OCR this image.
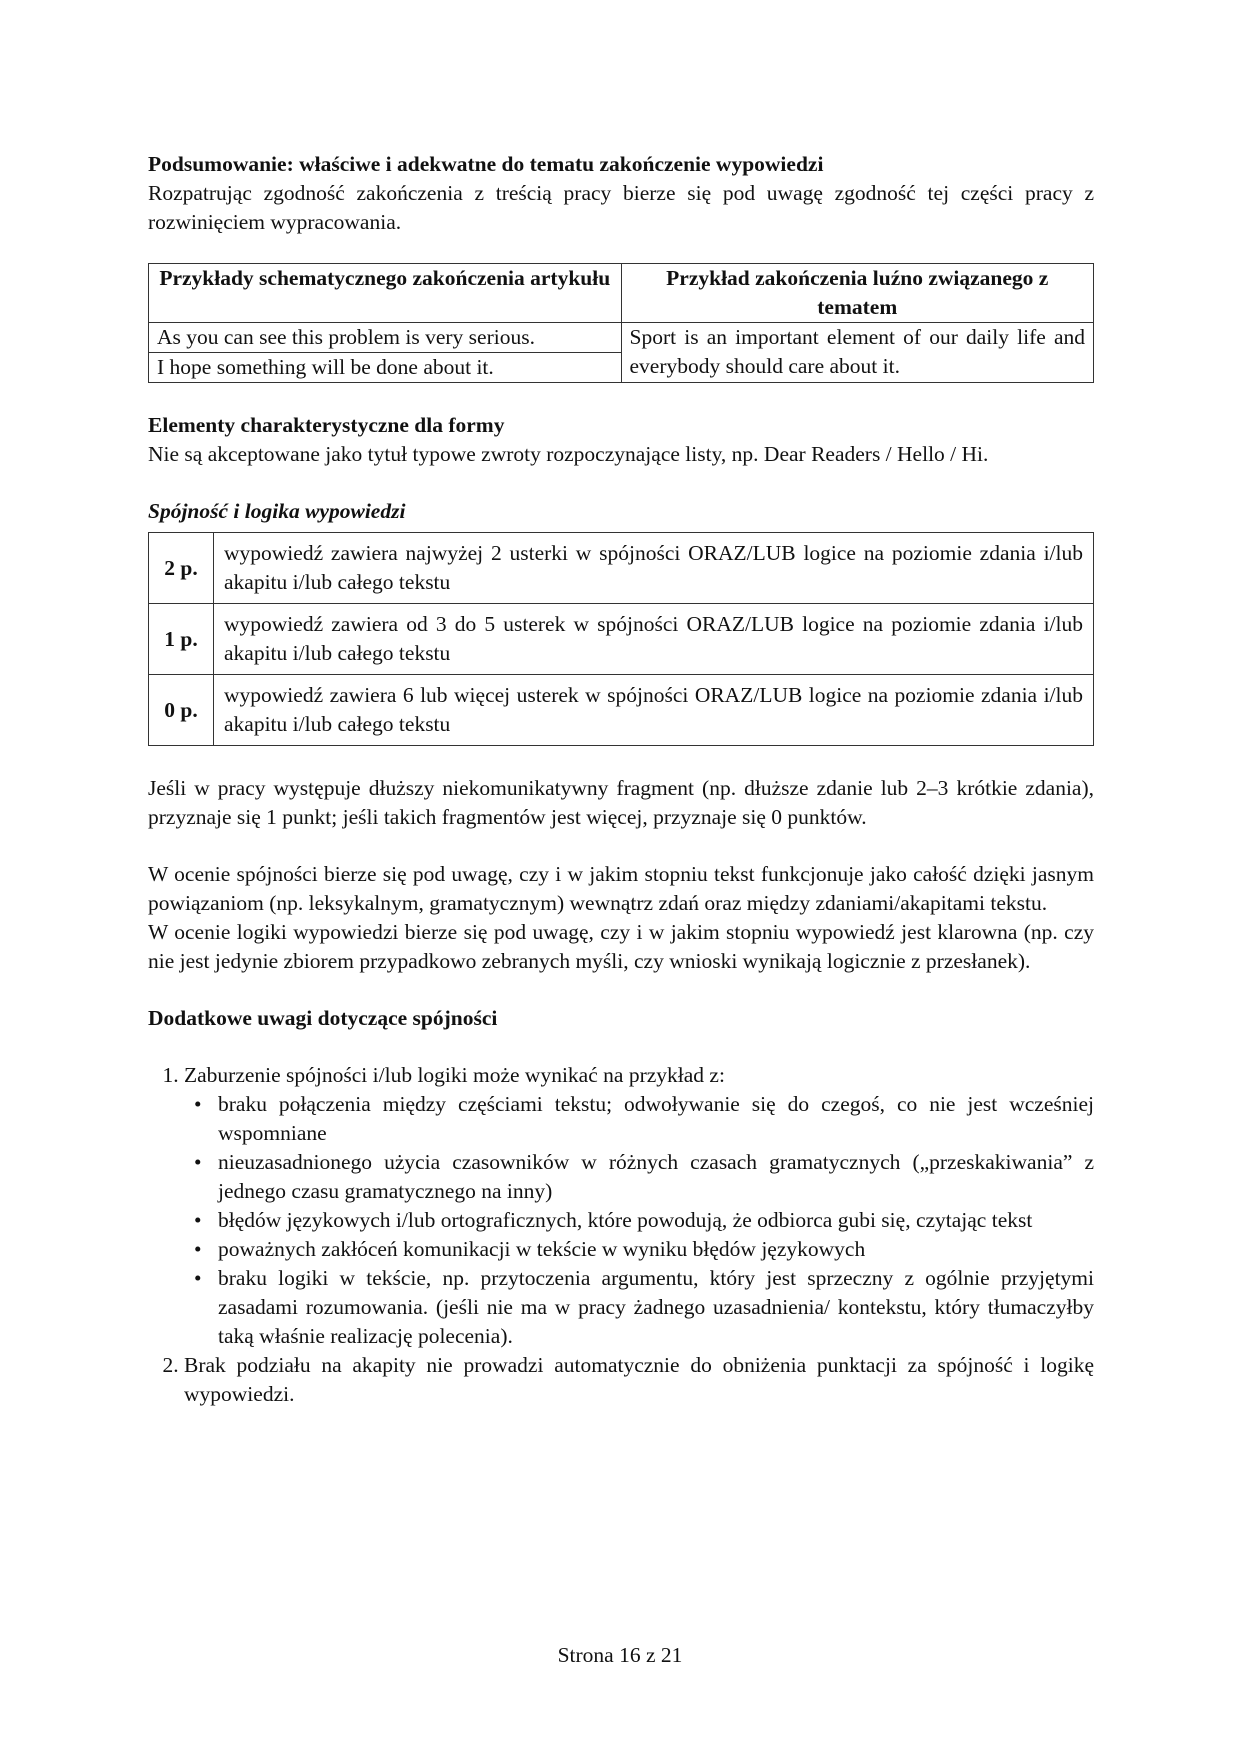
Podsumowanie: właściwe i adekwatne do tematu zakończenie wypowiedzi

Rozpatrując zgodność zakończenia z treścią pracy bierze się pod uwagę zgodność tej części pracy z rozwinięciem wypracowania.

Przykłady schematycznego zakończenia artykułu	Przykład zakończenia luźno związanego z tematem
As you can see this problem is very serious.	Sport is an important element of our daily life and everybody should care about it.
I hope something will be done about it.	

Elementy charakterystyczne dla formy

Nie są akceptowane jako tytuł typowe zwroty rozpoczynające listy, np. Dear Readers / Hello / Hi.

Spójność i logika wypowiedzi

2 p.	wypowiedź zawiera najwyżej 2 usterki w spójności ORAZ/LUB logice na poziomie zdania i/lub akapitu i/lub całego tekstu
1 p.	wypowiedź zawiera od 3 do 5 usterek w spójności ORAZ/LUB logice na poziomie zdania i/lub akapitu i/lub całego tekstu
0 p.	wypowiedź zawiera 6 lub więcej usterek w spójności ORAZ/LUB logice na poziomie zdania i/lub akapitu i/lub całego tekstu

Jeśli w pracy występuje dłuższy niekomunikatywny fragment (np. dłuższe zdanie lub 2–3 krótkie zdania), przyznaje się 1 punkt; jeśli takich fragmentów jest więcej, przyznaje się 0 punktów.

W ocenie spójności bierze się pod uwagę, czy i w jakim stopniu tekst funkcjonuje jako całość dzięki jasnym powiązaniom (np. leksykalnym, gramatycznym) wewnątrz zdań oraz między zdaniami/akapitami tekstu.

W ocenie logiki wypowiedzi bierze się pod uwagę, czy i w jakim stopniu wypowiedź jest klarowna (np. czy nie jest jedynie zbiorem przypadkowo zebranych myśli, czy wnioski wynikają logicznie z przesłanek).

Dodatkowe uwagi dotyczące spójności

1. Zaburzenie spójności i/lub logiki może wynikać na przykład z:
• braku połączenia między częściami tekstu; odwoływanie się do czegoś, co nie jest wcześniej wspomniane
• nieuzasadnionego użycia czasowników w różnych czasach gramatycznych („przeskakiwania” z jednego czasu gramatycznego na inny)
• błędów językowych i/lub ortograficznych, które powodują, że odbiorca gubi się, czytając tekst
• poważnych zakłóceń komunikacji w tekście w wyniku błędów językowych
• braku logiki w tekście, np. przytoczenia argumentu, który jest sprzeczny z ogólnie przyjętymi zasadami rozumowania. (jeśli nie ma w pracy żadnego uzasadnienia/ kontekstu, który tłumaczyłby taką właśnie realizację polecenia).
2. Brak podziału na akapity nie prowadzi automatycznie do obniżenia punktacji za spójność i logikę wypowiedzi.
Strona 16 z 21
